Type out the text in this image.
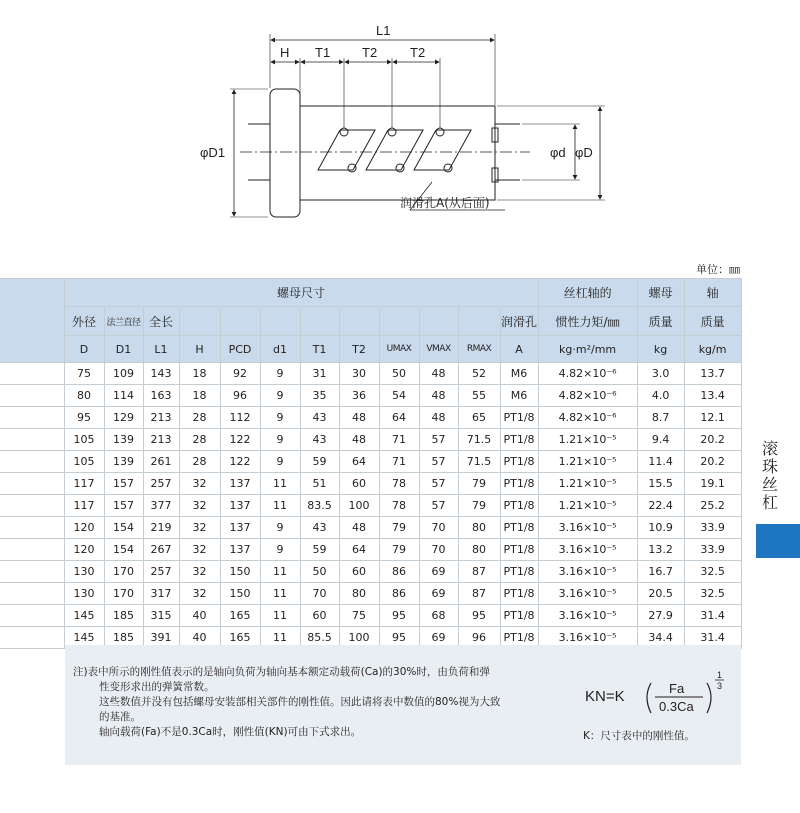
L1
H T1 T2	T2
φD1	φd φD
润滑孔A(从后面)
单位：㎜
	螺母尺寸												丝杠轴的	螺母	轴
	外径	法兰直径	全长									润滑孔	惯性力矩/㎜	质量	质量
	D	D1	L1	H	PCD	d1	T1	T2	UMAX	VMAX	RMAX	A	kg·m²/mm	kg	kg/m
	75	109	143	18	92	9	31	30	50	48	52	M6	4.82×10⁻⁶	3.0	13.7
	80	114	163	18	96	9	35	36	54	48	55	M6	4.82×10⁻⁶	4.0	13.4
	95	129	213	28	112	9	43	48	64	48	65	PT1/8	4.82×10⁻⁶	8.7	12.1
	105	139	213	28	122	9	43	48	71	57	71.5	PT1/8	1.21×10⁻⁵	9.4	20.2
	105	139	261	28	122	9	59	64	71	57	71.5	PT1/8	1.21×10⁻⁵	11.4	20.2
	117	157	257	32	137	11	51	60	78	57	79	PT1/8	1.21×10⁻⁵	15.5	19.1
	117	157	377	32	137	11	83.5	100	78	57	79	PT1/8	1.21×10⁻⁵	22.4	25.2
	120	154	219	32	137	9	43	48	79	70	80	PT1/8	3.16×10⁻⁵	10.9	33.9
	120	154	267	32	137	9	59	64	79	70	80	PT1/8	3.16×10⁻⁵	13.2	33.9
	130	170	257	32	150	11	50	60	86	69	87	PT1/8	3.16×10⁻⁵	16.7	32.5
	130	170	317	32	150	11	70	80	86	69	87	PT1/8	3.16×10⁻⁵	20.5	32.5
	145	185	315	40	165	11	60	75	95	68	95	PT1/8	3.16×10⁻⁵	27.9	31.4
	145	185	391	40	165	11	85.5	100	95	69	96	PT1/8	3.16×10⁻⁵	34.4	31.4
滚珠丝杠

注)表中所示的刚性值表示的是轴向负荷为轴向基本额定动载荷(Ca)的30%时，由负荷和弹

性变形求出的弹簧常数。

这些数值并没有包括螺母安装部相关部件的刚性值。因此请将表中数值的80%视为大致

的基准。

轴向载荷(Fa)不是0.3Ca时，刚性值(KN)可由下式求出。

KN=K	Fa
0.3Ca
1
3
K：尺寸表中的刚性值。
